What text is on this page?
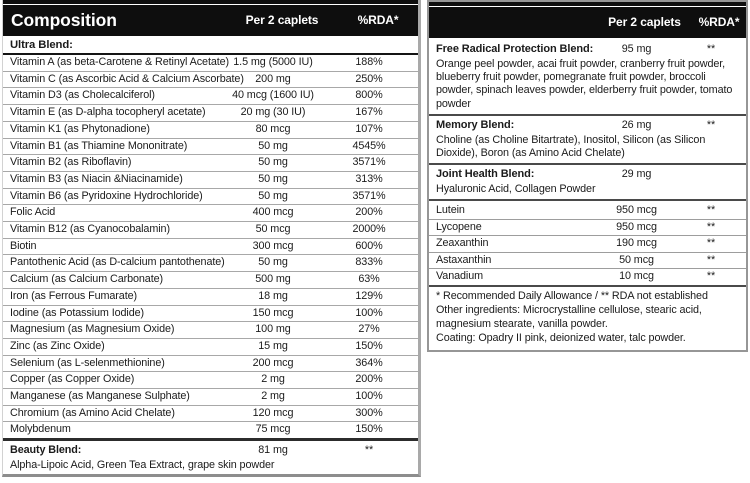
Composition	Per 2 caplets	%RDA*
Ultra Blend:
Vitamin A (as beta-Carotene & Retinyl Acetate) 1.5 mg (5000 IU)	188%
Vitamin C (as Ascorbic Acid & Calcium Ascorbate)	200 mg	250%
Vitamin D3 (as Cholecalciferol)	40 mcg (1600 IU)	800%
Vitamin E (as D-alpha tocopheryl acetate)	20 mg (30 IU)	167%
Vitamin K1 (as Phytonadione)	80 mcg	107%
Vitamin B1 (as Thiamine Mononitrate)	50 mg	4545%
Vitamin B2 (as Riboflavin)	50 mg	3571%
Vitamin B3 (as Niacin &Niacinamide)	50 mg	313%
Vitamin B6 (as Pyridoxine Hydrochloride)	50 mg	3571%
Folic Acid	400 mcg	200%
Vitamin B12 (as Cyanocobalamin)	50 mcg	2000%
Biotin	300 mcg	600%
Pantothenic Acid (as D-calcium pantothenate)	50 mg	833%
Calcium (as Calcium Carbonate)	500 mg	63%
Iron (as Ferrous Fumarate)	18 mg	129%
Iodine (as Potassium Iodide)	150 mcg	100%
Magnesium (as Magnesium Oxide)	100 mg	27%
Zinc (as Zinc Oxide)	15 mg	150%
Selenium (as L-selenmethionine)	200 mcg	364%
Copper (as Copper Oxide)	2 mg	200%
Manganese (as Manganese Sulphate)	2 mg	100%
Chromium (as Amino Acid Chelate)	120 mcg	300%
Molybdenum	75 mcg	150%
Beauty Blend:	81 mg	**
Alpha-Lipoic Acid, Green Tea Extract, grape skin powder
Per 2 caplets	%RDA*
Free Radical Protection Blend:	95 mg	**
Orange peel powder, acai fruit powder, cranberry fruit powder, blueberry fruit powder, pomegranate fruit powder, broccoli powder, spinach leaves powder, elderberry fruit powder, tomato powder
Memory Blend:	26 mg	**
Choline (as Choline Bitartrate), Inositol, Silicon (as Silicon Dioxide), Boron (as Amino Acid Chelate)
Joint Health Blend:	29 mg
Hyaluronic Acid, Collagen Powder
Lutein	950 mcg	**
Lycopene	950 mcg	**
Zeaxanthin	190 mcg	**
Astaxanthin	50 mcg	**
Vanadium	10 mcg	**

* Recommended Daily Allowance / ** RDA not established

Other ingredients: Microcrystalline cellulose, stearic acid, magnesium stearate, vanilla powder.

Coating: Opadry II pink, deionized water, talc powder.
